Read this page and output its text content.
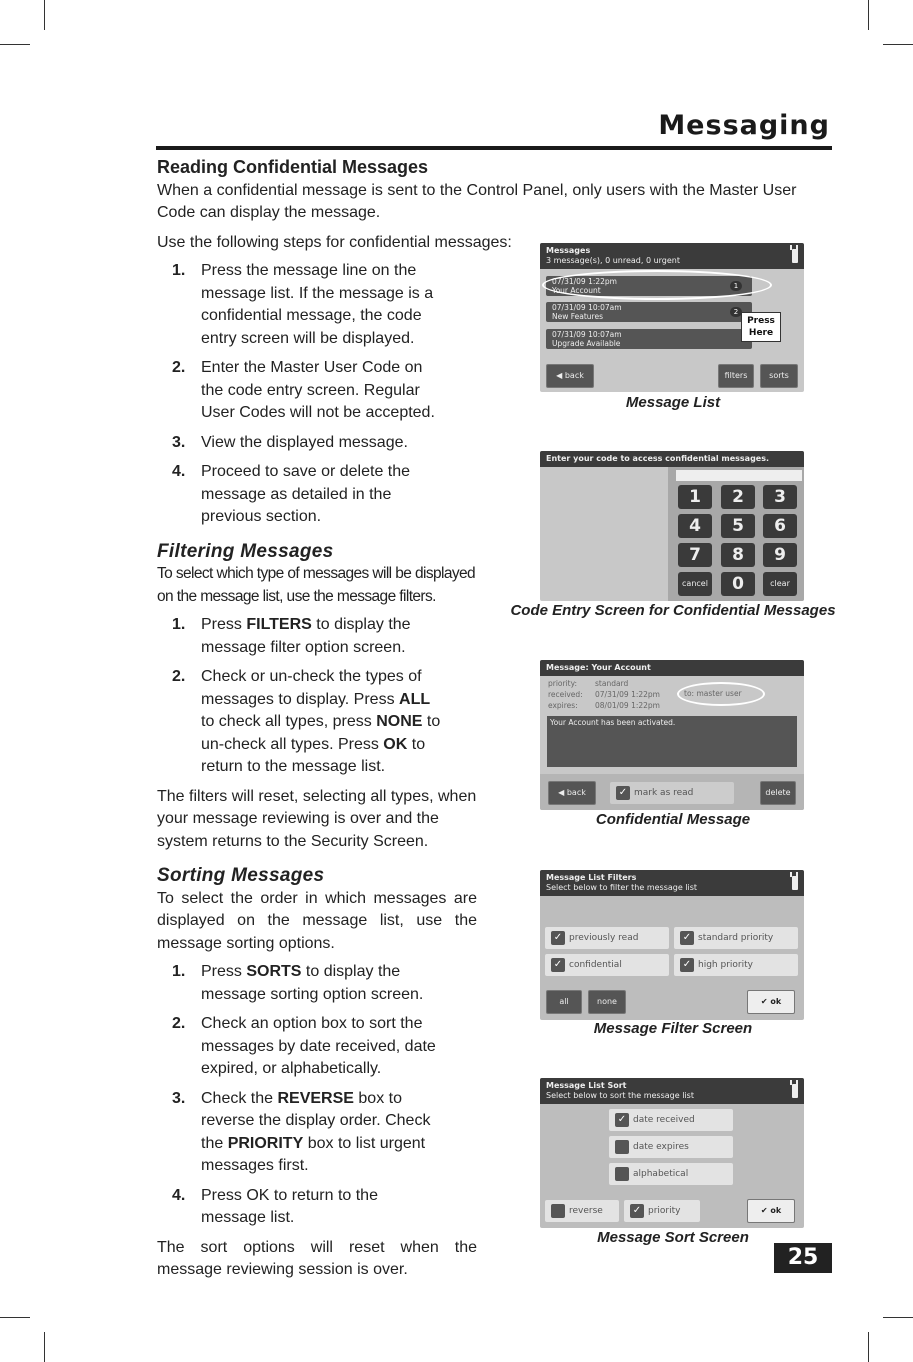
Messaging
Reading Confidential Messages
When a confidential message is sent to the Control Panel, only users with the Master User Code can display the message.

Use the following steps for confidential messages:

1. Press the message line on the message list. If the message is a confidential message, the code entry screen will be displayed.
2. Enter the Master User Code on the code entry screen. Regular User Codes will not be accepted.
3. View the displayed message.
4. Proceed to save or delete the message as detailed in the previous section.
Filtering Messages
To select which type of messages will be displayed on the message list, use the message filters.
1. Press FILTERS to display the message filter option screen.
2. Check or un-check the types of messages to display. Press ALL to check all types, press NONE to un-check all types. Press OK to return to the message list.
The filters will reset, selecting all types, when your message reviewing is over and the system returns to the Security Screen.
Sorting Messages
To select the order in which messages are displayed on the message list, use the message sorting options.
1. Press SORTS to display the message sorting option screen.
2. Check an option box to sort the messages by date received, date expired, or alphabetically.
3. Check the REVERSE box to reverse the display order. Check the PRIORITY box to list urgent messages first.
4. Press OK to return to the message list.
The sort options will reset when the message reviewing session is over.
Messages
3 message(s), 0 unread, 0 urgent
07/31/09 1:22pm
Your Account	1
07/31/09 10:07am
New Features	2
07/31/09 10:07am
Upgrade Available
Press Here
◀ back	filters	sorts
Message List
Enter your code to access confidential messages.
1	2	3
4	5	6
7	8	9
cancel	0	clear
Code Entry Screen for Confidential Messages
Message: Your Account
priority: standard
received: 07/31/09 1:22pm
expires: 08/01/09 1:22pm
to: master user
Your Account has been activated.
◀ back	✓ mark as read	delete
Confidential Message
Message List Filters
Select below to filter the message list
✓ previously read	✓ standard priority
✓ confidential	✓ high priority
all	none	✔ ok
Message Filter Screen
Message List Sort
Select below to sort the message list
✓ date received
date expires
alphabetical
reverse	✓ priority	✔ ok
Message Sort Screen
25
